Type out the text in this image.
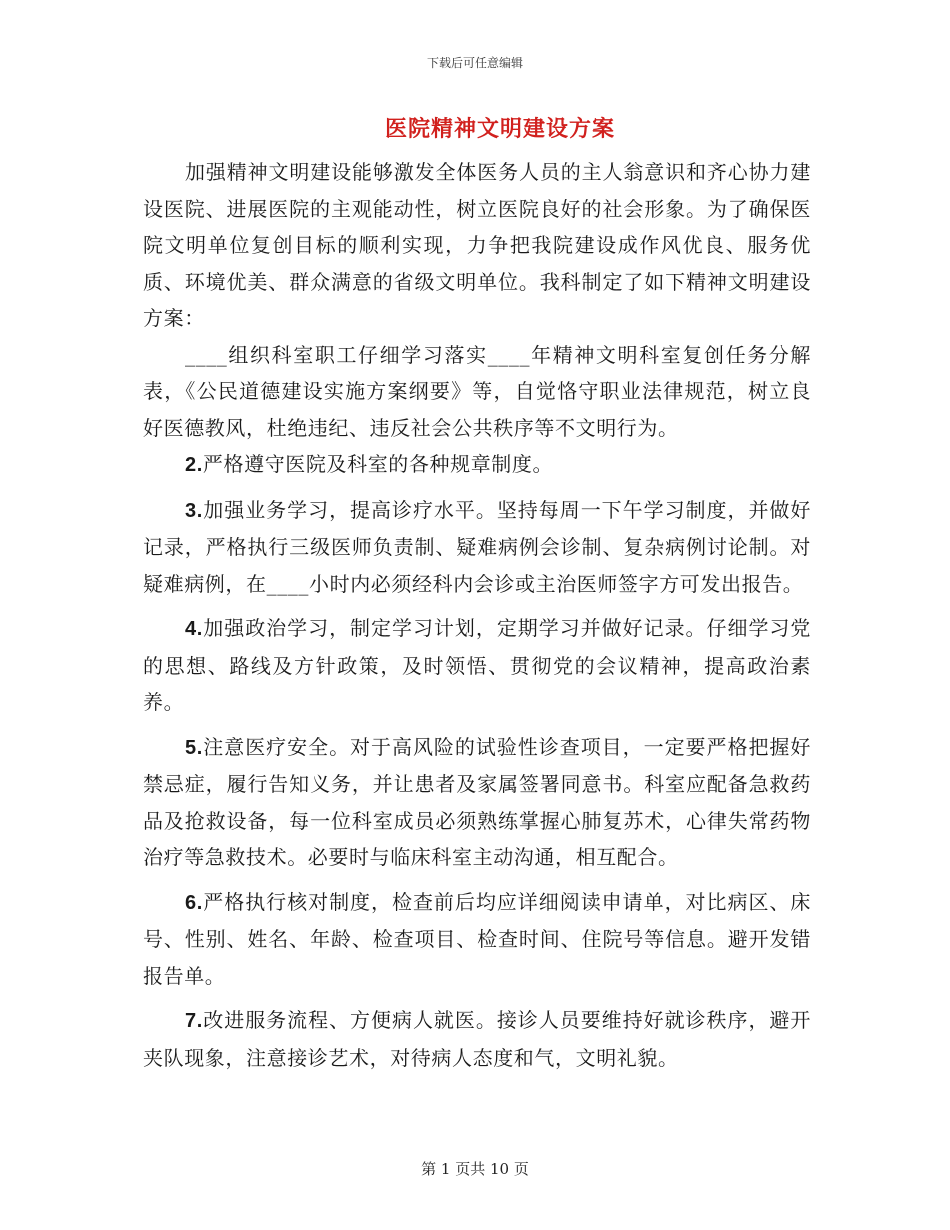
下载后可任意编辑
医院精神文明建设方案

加强精神文明建设能够激发全体医务人员的主人翁意识和齐心协力建设医院、进展医院的主观能动性，树立医院良好的社会形象。为了确保医院文明单位复创目标的顺利实现，力争把我院建设成作风优良、服务优质、环境优美、群众满意的省级文明单位。我科制定了如下精神文明建设方案：

____组织科室职工仔细学习落实____年精神文明科室复创任务分解表，《公民道德建设实施方案纲要》等，自觉恪守职业法律规范，树立良好医德教风，杜绝违纪、违反社会公共秩序等不文明行为。

2.严格遵守医院及科室的各种规章制度。

3.加强业务学习，提高诊疗水平。坚持每周一下午学习制度，并做好记录，严格执行三级医师负责制、疑难病例会诊制、复杂病例讨论制。对疑难病例，在____小时内必须经科内会诊或主治医师签字方可发出报告。

4.加强政治学习，制定学习计划，定期学习并做好记录。仔细学习党的思想、路线及方针政策，及时领悟、贯彻党的会议精神，提高政治素养。

5.注意医疗安全。对于高风险的试验性诊查项目，一定要严格把握好禁忌症，履行告知义务，并让患者及家属签署同意书。科室应配备急救药品及抢救设备，每一位科室成员必须熟练掌握心肺复苏术，心律失常药物治疗等急救技术。必要时与临床科室主动沟通，相互配合。

6.严格执行核对制度，检查前后均应详细阅读申请单，对比病区、床号、性别、姓名、年龄、检查项目、检查时间、住院号等信息。避开发错报告单。

7.改进服务流程、方便病人就医。接诊人员要维持好就诊秩序，避开夹队现象，注意接诊艺术，对待病人态度和气，文明礼貌。

第 1 页共 10 页
